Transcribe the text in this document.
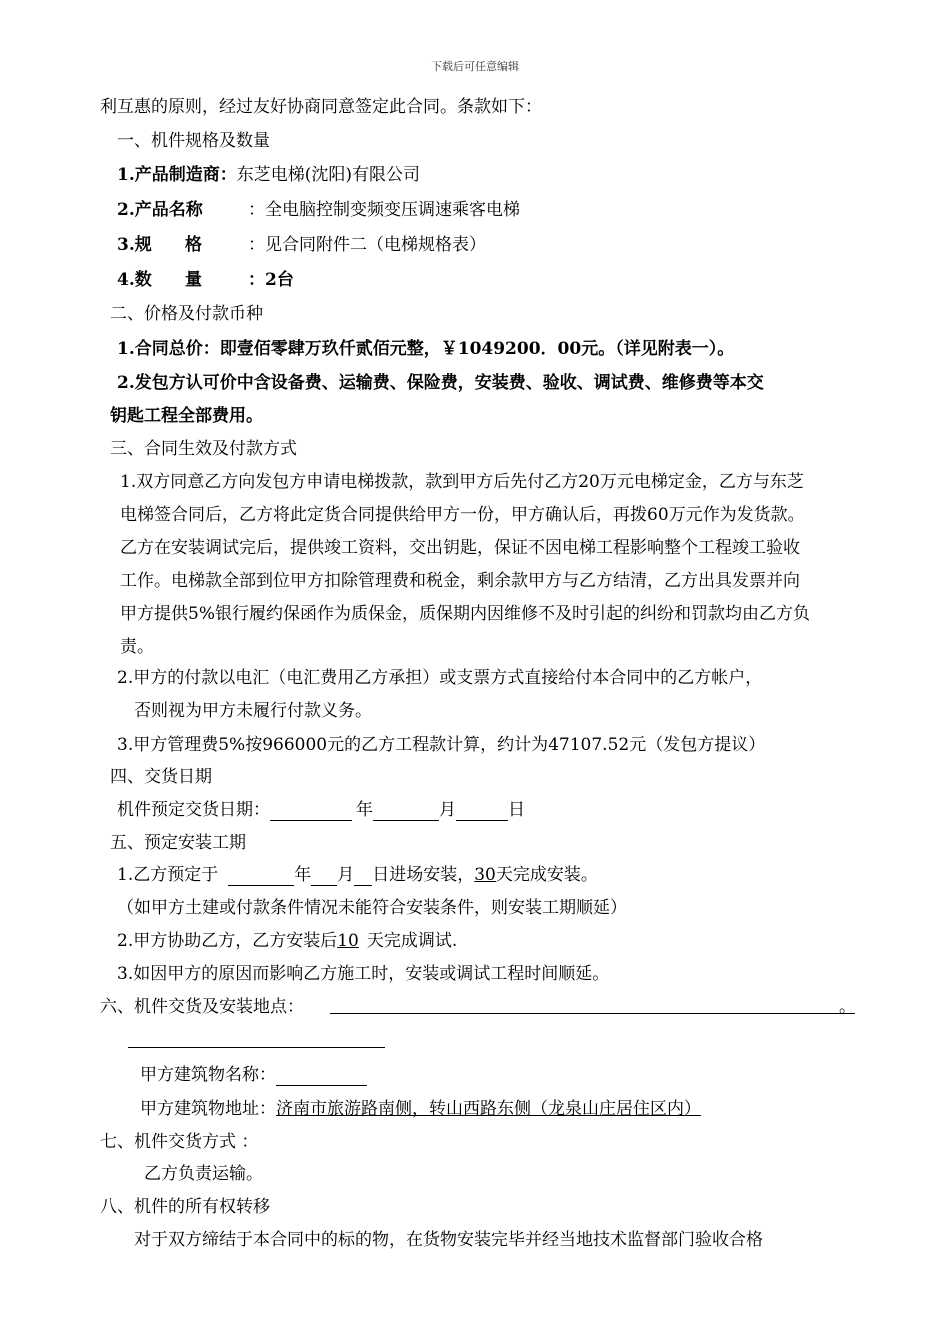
下载后可任意编辑
利互惠的原则，经过友好协商同意签定此合同。条款如下：
一、机件规格及数量
1.产品制造商：东芝电梯(沈阳)有限公司
2.产品名称	：全电脑控制变频变压调速乘客电梯
3.规 格	：见合同附件二（电梯规格表）
4.数 量	：2台
二、价格及付款币种
1.合同总价：即壹佰零肆万玖仟贰佰元整，￥1049200．00元。（详见附表一）。
2.发包方认可价中含设备费、运输费、保险费，安装费、验收、调试费、维修费等本交
钥匙工程全部费用。
三、合同生效及付款方式
1.双方同意乙方向发包方申请电梯拨款，款到甲方后先付乙方20万元电梯定金，乙方与东芝
电梯签合同后，乙方将此定货合同提供给甲方一份，甲方确认后，再拨60万元作为发货款。
乙方在安装调试完后，提供竣工资料，交出钥匙，保证不因电梯工程影响整个工程竣工验收
工作。电梯款全部到位甲方扣除管理费和税金，剩余款甲方与乙方结清，乙方出具发票并向
甲方提供5%银行履约保函作为质保金，质保期内因维修不及时引起的纠纷和罚款均由乙方负
责。
2.甲方的付款以电汇（电汇费用乙方承担）或支票方式直接给付本合同中的乙方帐户，
否则视为甲方未履行付款义务。
3.甲方管理费5%按966000元的乙方工程款计算，约计为47107.52元（发包方提议）
四、交货日期
机件预定交货日期：	年	月	日
五、预定安装工期
1.乙方预定于	年 月 日进场安装，30天完成安装。
（如甲方土建或付款条件情况未能符合安装条件，则安装工期顺延）
2.甲方协助乙方，乙方安装后10 天完成调试.
3.如因甲方的原因而影响乙方施工时，安装或调试工程时间顺延。
六、机件交货及安装地点：	。
甲方建筑物名称：
甲方建筑物地址：济南市旅游路南侧，转山西路东侧（龙泉山庄居住区内）
七、机件交货方式 ：
乙方负责运输。
八、机件的所有权转移
对于双方缔结于本合同中的标的物，在货物安装完毕并经当地技术监督部门验收合格
